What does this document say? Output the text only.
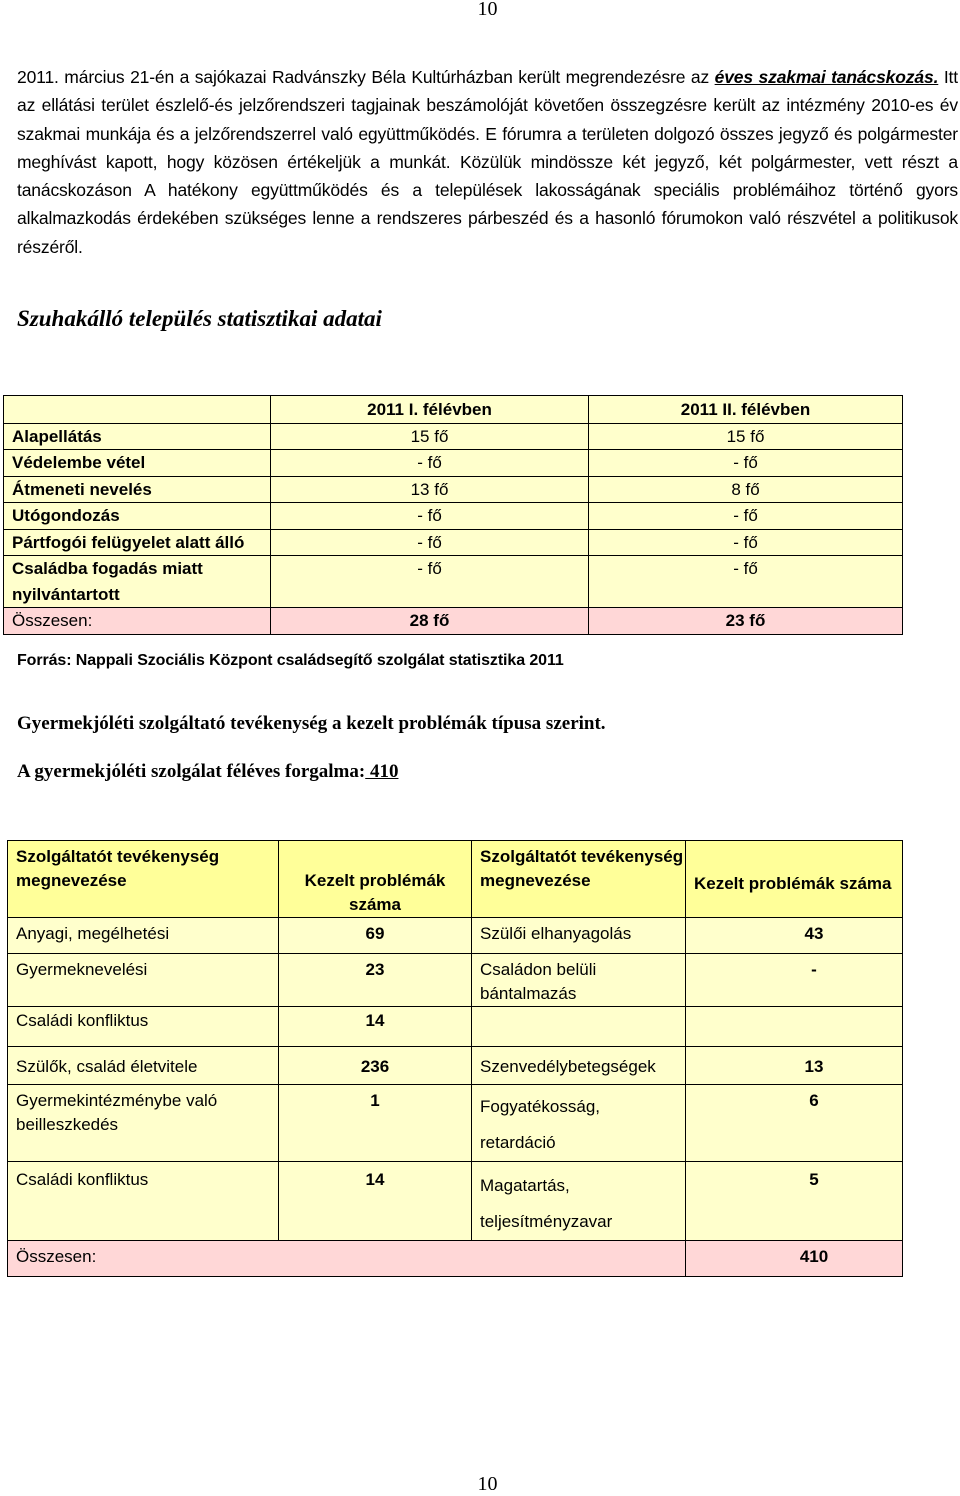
10

2011. március 21-én a sajókazai Radvánszky Béla Kultúrházban került megrendezésre az éves szakmai tanácskozás. Itt az ellátási terület észlelő-és jelzőrendszeri tagjainak beszámolóját követően összegzésre került az intézmény 2010-es év szakmai munkája és a jelzőrendszerrel való együttműködés. E fórumra a területen dolgozó összes jegyző és polgármester meghívást kapott, hogy közösen értékeljük a munkát. Közülük mindössze két jegyző, két polgármester, vett részt a tanácskozáson A hatékony együttműködés és a települések lakosságának speciális problémáihoz történő gyors alkalmazkodás érdekében szükséges lenne a rendszeres párbeszéd és a hasonló fórumokon való részvétel a politikusok részéről.

Szuhakálló település statisztikai adatai
	2011 I. félévben	2011 II. félévben
Alapellátás	15 fő	15 fő
Védelembe vétel	- fő	- fő
Átmeneti nevelés	13 fő	8 fő
Utógondozás	- fő	- fő
Pártfogói felügyelet alatt álló	- fő	- fő
Családba fogadás miatt nyilvántartott	- fő	- fő
Összesen:	28 fő	23 fő

Forrás: Nappali Szociális Központ családsegítő szolgálat statisztika 2011

Gyermekjóléti szolgáltató tevékenység a kezelt problémák típusa szerint.
A gyermekjóléti szolgálat féléves forgalma: 410
Szolgáltatót tevékenység megnevezése	Kezelt problémák száma	Szolgáltatót tevékenység megnevezése	Kezelt problémák száma
Anyagi, megélhetési	69	Szülői elhanyagolás	43
Gyermeknevelési	23	Családon belüli bántalmazás	-
Családi konfliktus	14		
Szülők, család életvitele	236	Szenvedélybetegségek	13
Gyermekintézménybe való beilleszkedés	1	Fogyatékosság, retardáció	6
Családi konfliktus	14	Magatartás, teljesítményzavar	5
Összesen:			410
10
